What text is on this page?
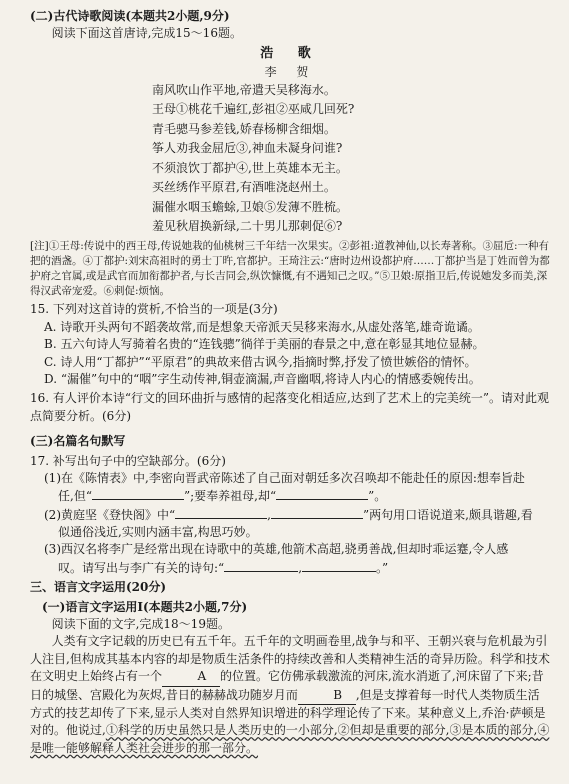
(二)古代诗歌阅读(本题共2小题,9分)
阅读下面这首唐诗,完成15～16题。
浩 歌
李 贺
南风吹山作平地,帝遣天吴移海水。
王母①桃花千遍红,彭祖②巫咸几回死?
青毛骢马参差钱,娇春杨柳含细烟。
筝人劝我金屈卮③,神血未凝身问谁?
不须浪饮丁都护④,世上英雄本无主。
买丝绣作平原君,有酒唯浇赵州土。
漏催水咽玉蟾蜍,卫娘⑤发薄不胜梳。
羞见秋眉换新绿,二十男儿那刺促⑥?
[注]①王母:传说中的西王母,传说她栽的仙桃树三千年结一次果实。②彭祖:道教神仙,以长寿著称。③屈卮:一种有把的酒盏。④丁都护:刘宋高祖时的勇士丁旿,官都护。王琦注云:“唐时边州设都护府……丁都护当是丁姓而曾为都护府之官属,或是武官而加衔都护者,与长吉同会,纵饮慷慨,有不遇知己之叹。”⑤卫娘:原指卫后,传说她发多而美,深得汉武帝宠爱。⑥刺促:烦恼。
15. 下列对这首诗的赏析,不恰当的一项是(3分)
A. 诗歌开头两句不蹈袭故常,而是想象天帝派天吴移来海水,从虚处落笔,雄奇诡谲。
B. 五六句诗人写骑着名贵的“连钱骢”徜徉于美丽的春景之中,意在彰显其地位显赫。
C. 诗人用“丁都护”“平原君”的典故来借古讽今,指摘时弊,抒发了愤世嫉俗的情怀。
D. “漏催”句中的“咽”字生动传神,铜壶滴漏,声音幽咽,将诗人内心的情感委婉传出。
16. 有人评价本诗“行文的回环曲折与感情的起落变化相适应,达到了艺术上的完美统一”。请对此观点简要分析。(6分)
(三)名篇名句默写
17. 补写出句子中的空缺部分。(6分)
(1)在《陈情表》中,李密向晋武帝陈述了自己面对朝廷多次召唤却不能赴任的原因:想奉旨赴
任,但“	”;要奉养祖母,却“	”。
(2)黄庭坚《登快阁》中“	,	”两句用口语说道来,颇具谐趣,看
似通俗浅近,实则内涵丰富,构思巧妙。
(3)西汉名将李广是经常出现在诗歌中的英雄,他箭术高超,骁勇善战,但却时乖运蹇,令人感
叹。请写出与李广有关的诗句:“	,	。”
三、语言文字运用(20分)
(一)语言文字运用Ⅰ(本题共2小题,7分)
阅读下面的文字,完成18～19题。
人类有文字记载的历史已有五千年。五千年的文明画卷里,战争与和平、王朝兴衰与危机最为引人注目,但构成其基本内容的却是物质生活条件的持续改善和人类精神生活的奇异历险。科学和技术在文明史上始终占有一个	A 的位置。它仿佛承载激流的河床,流水消逝了,河床留了下来;昔日的城堡、宫殿化为灰烬,昔日的赫赫战功随岁月而	B ,但是支撑着每一时代人类物质生活方式的技艺却传了下来,显示人类对自然界知识增进的科学理论传了下来。某种意义上,乔治·萨顿是对的。他说过,①科学的历史虽然只是人类历史的一小部分,②但却是重要的部分,③是本质的部分,④是唯一能够解释人类社会进步的那一部分。
